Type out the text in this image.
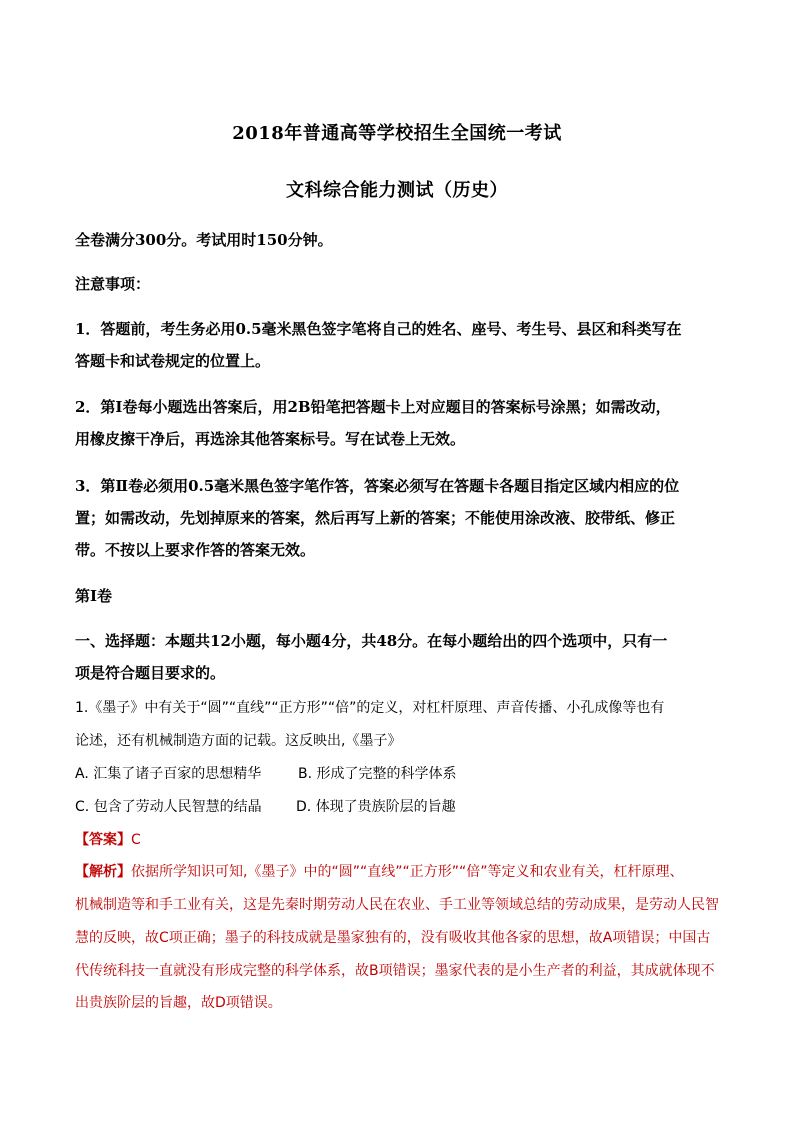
2018年普通高等学校招生全国统一考试
文科综合能力测试（历史）
全卷满分300分。考试用时150分钟。
注意事项：
1．答题前，考生务必用0.5毫米黑色签字笔将自己的姓名、座号、考生号、县区和科类写在
答题卡和试卷规定的位置上。
2．第Ⅰ卷每小题选出答案后，用2B铅笔把答题卡上对应题目的答案标号涂黑；如需改动，
用橡皮擦干净后，再选涂其他答案标号。写在试卷上无效。
3．第Ⅱ卷必须用0.5毫米黑色签字笔作答，答案必须写在答题卡各题目指定区域内相应的位
置；如需改动，先划掉原来的答案，然后再写上新的答案；不能使用涂改液、胶带纸、修正
带。不按以上要求作答的答案无效。
第Ⅰ卷
一、选择题：本题共12小题，每小题4分，共48分。在每小题给出的四个选项中，只有一
项是符合题目要求的。
1.《墨子》中有关于“圆”“直线”“正方形”“倍”的定义，对杠杆原理、声音传播、小孔成像等也有
论述，还有机械制造方面的记载。这反映出,《墨子》
A. 汇集了诸子百家的思想精华	B. 形成了完整的科学体系
C. 包含了劳动人民智慧的结晶 D. 体现了贵族阶层的旨趣
【答案】C
【解析】依据所学知识可知,《墨子》中的“圆”“直线”“正方形”“倍”等定义和农业有关，杠杆原理、
机械制造等和手工业有关，这是先秦时期劳动人民在农业、手工业等领域总结的劳动成果，是劳动人民智
慧的反映，故C项正确；墨子的科技成就是墨家独有的，没有吸收其他各家的思想，故A项错误；中国古
代传统科技一直就没有形成完整的科学体系，故B项错误；墨家代表的是小生产者的利益，其成就体现不
出贵族阶层的旨趣，故D项错误。
